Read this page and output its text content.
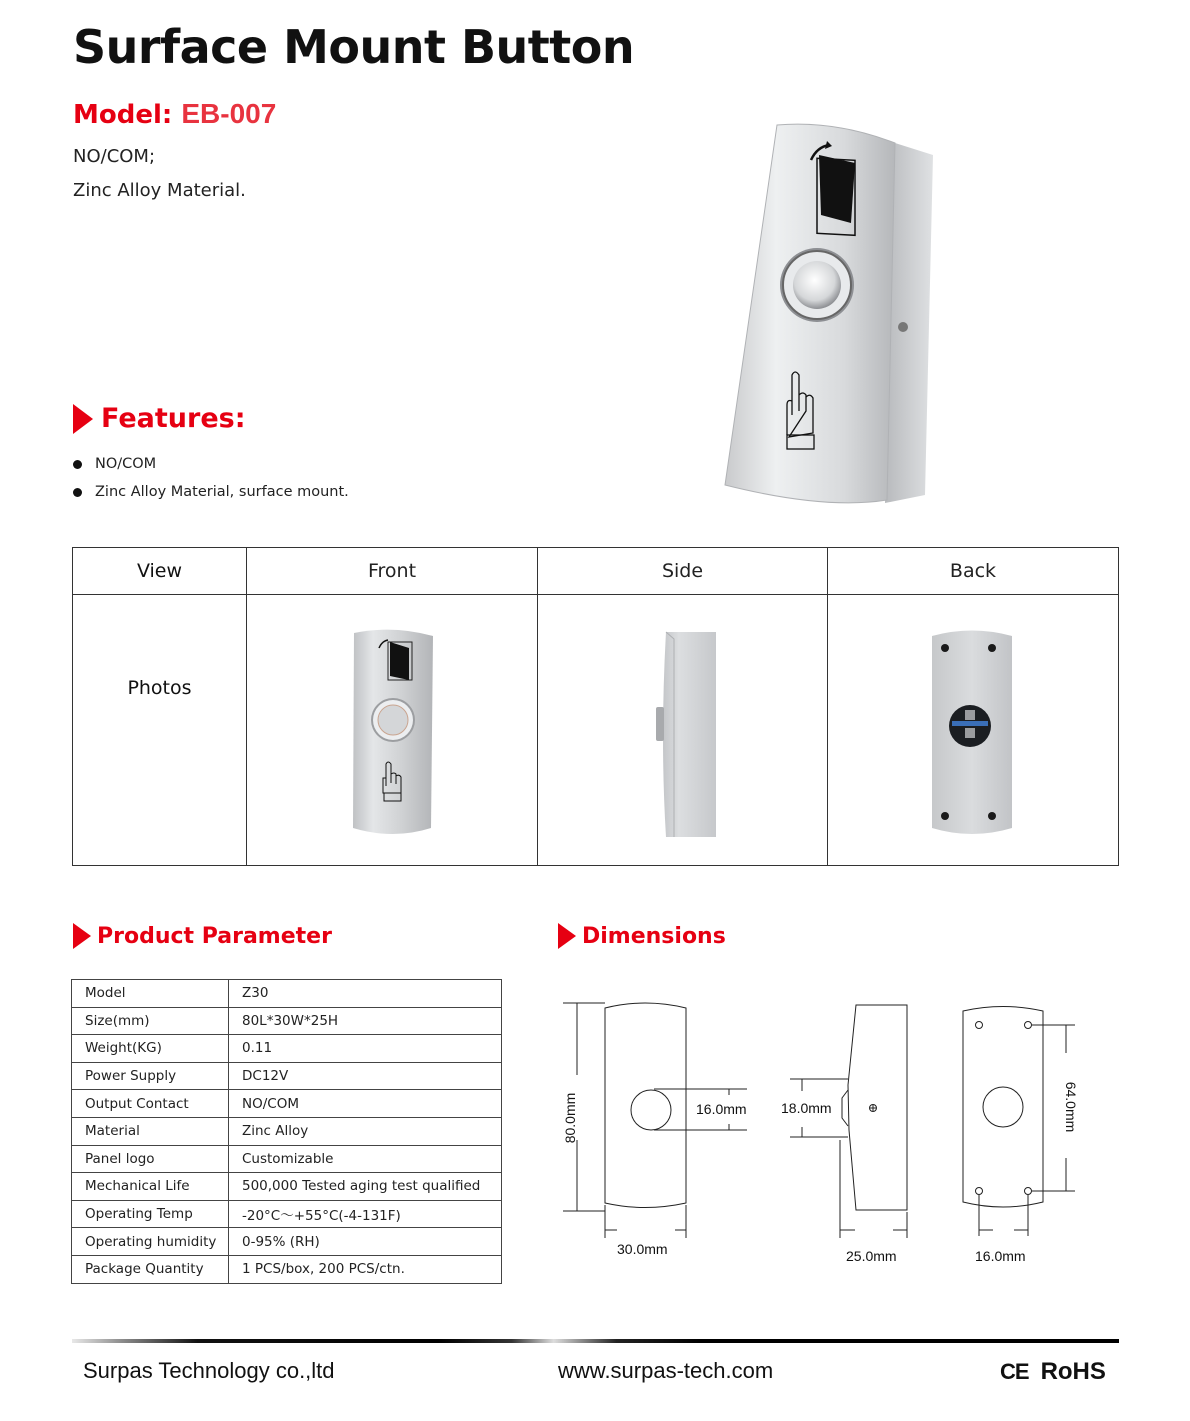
Surface Mount Button
Model: EB-007
NO/COM;
Zinc Alloy Material.
Features:
NO/COM
Zinc Alloy Material, surface mount.
View	Front	Side	Back
Photos	

Product Parameter
Model	Z30
Size(mm)	80L*30W*25H
Weight(KG)	0.11
Power Supply	DC12V
Output Contact	NO/COM
Material	Zinc Alloy
Panel logo	Customizable
Mechanical Life	500,000 Tested aging test qualified
Operating Temp	-20°C～+55°C(-4-131F)
Operating humidity	0-95% (RH)
Package Quantity	1 PCS/box, 200 PCS/ctn.
Dimensions
80.0mm	16.0mm
30.0mm
18.0mm
25.0mm
64.0mm
16.0mm
Surpas Technology co.,ltd	www.surpas-tech.com	CE RoHS
